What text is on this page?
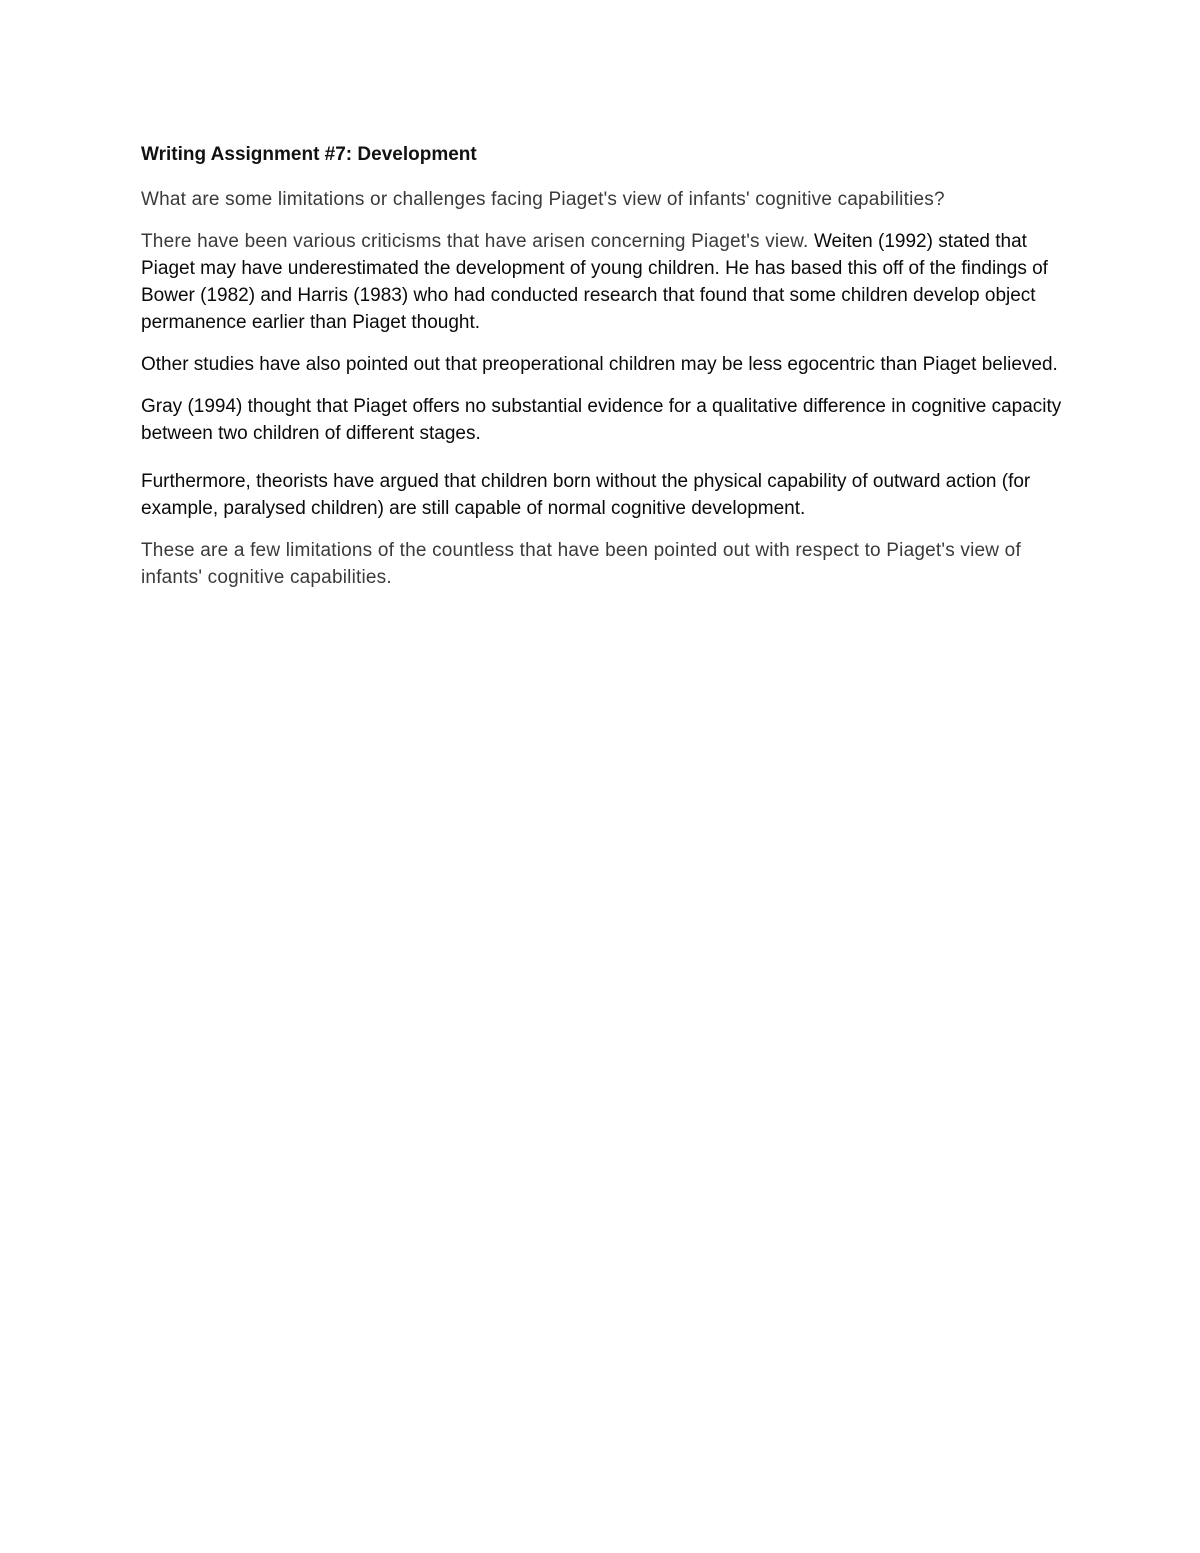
Writing Assignment #7: Development

What are some limitations or challenges facing Piaget's view of infants' cognitive capabilities?

There have been various criticisms that have arisen concerning Piaget's view. Weiten (1992) stated that Piaget may have underestimated the development of young children. He has based this off of the findings of Bower (1982) and Harris (1983) who had conducted research that found that some children develop object permanence earlier than Piaget thought.

Other studies have also pointed out that preoperational children may be less egocentric than Piaget believed.

Gray (1994) thought that Piaget offers no substantial evidence for a qualitative difference in cognitive capacity between two children of different stages.

Furthermore, theorists have argued that children born without the physical capability of outward action (for example, paralysed children) are still capable of normal cognitive development.

These are a few limitations of the countless that have been pointed out with respect to Piaget's view of infants' cognitive capabilities.
